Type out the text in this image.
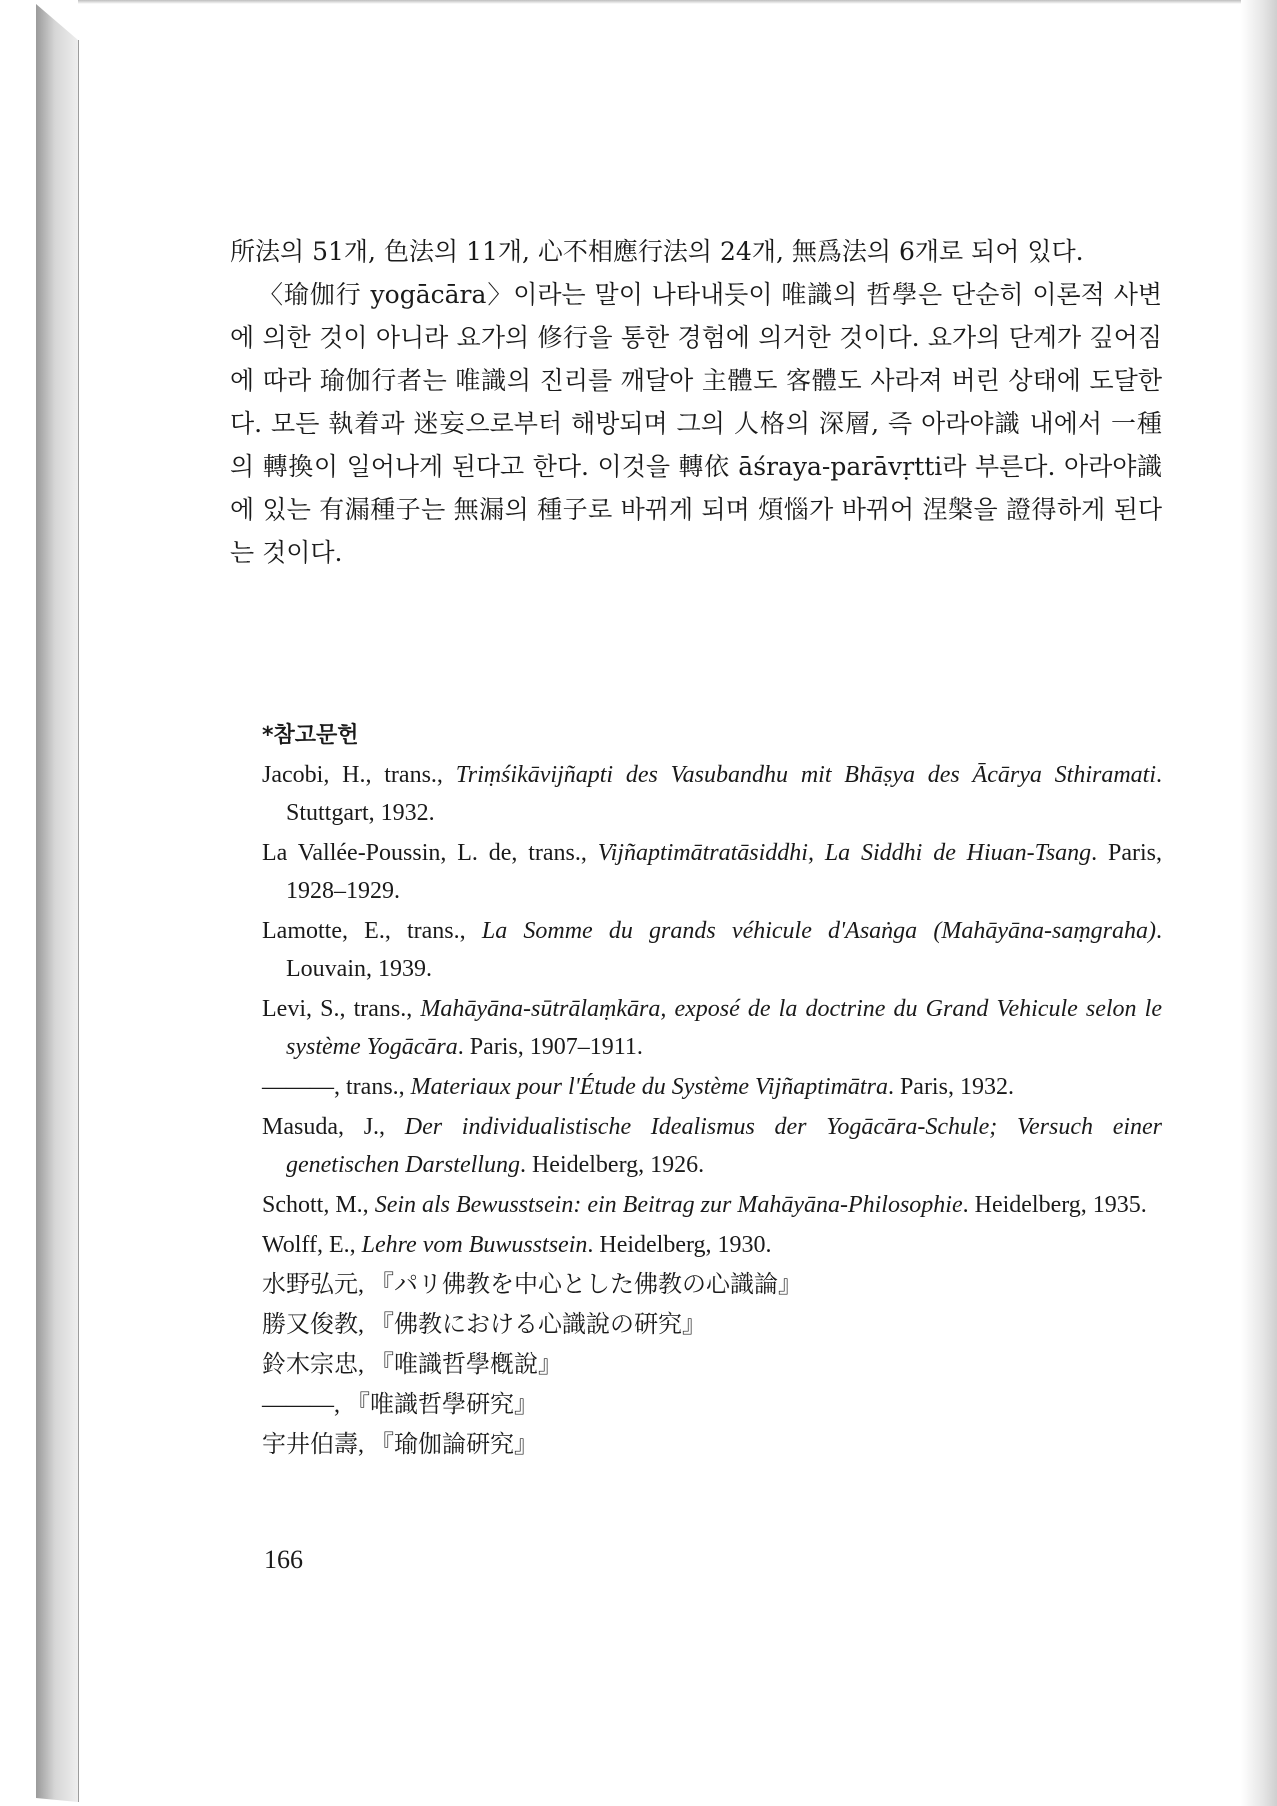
所法의 51개, 色法의 11개, 心不相應行法의 24개, 無爲法의 6개로 되어 있다.

〈瑜伽行 yogācāra〉이라는 말이 나타내듯이 唯識의 哲學은 단순히 이론적 사변에 의한 것이 아니라 요가의 修行을 통한 경험에 의거한 것이다. 요가의 단계가 깊어짐에 따라 瑜伽行者는 唯識의 진리를 깨달아 主體도 客體도 사라져 버린 상태에 도달한다. 모든 執着과 迷妄으로부터 해방되며 그의 人格의 深層, 즉 아라야識 내에서 一種의 轉換이 일어나게 된다고 한다. 이것을 轉依 āśraya-parāvṛtti라 부른다. 아라야識에 있는 有漏種子는 無漏의 種子로 바뀌게 되며 煩惱가 바뀌어 涅槃을 證得하게 된다는 것이다.

*참고문헌
Jacobi, H., trans., Triṃśikāvijñapti des Vasubandhu mit Bhāṣya des Ācārya Sthiramati. Stuttgart, 1932.
La Vallée-Poussin, L. de, trans., Vijñaptimātratāsiddhi, La Siddhi de Hiuan-Tsang. Paris, 1928–1929.
Lamotte, E., trans., La Somme du grands véhicule d'Asaṅga (Mahāyāna-saṃgraha). Louvain, 1939.
Levi, S., trans., Mahāyāna-sūtrālaṃkāra, exposé de la doctrine du Grand Vehicule selon le système Yogācāra. Paris, 1907–1911.
———, trans., Materiaux pour l'Étude du Système Vijñaptimātra. Paris, 1932.
Masuda, J., Der individualistische Idealismus der Yogācāra-Schule; Versuch einer genetischen Darstellung. Heidelberg, 1926.
Schott, M., Sein als Bewusstsein: ein Beitrag zur Mahāyāna-Philosophie. Heidelberg, 1935.
Wolff, E., Lehre vom Buwusstsein. Heidelberg, 1930.
水野弘元, 『パリ佛教を中心とした佛教の心識論』
勝又俊教, 『佛教における心識說の硏究』
鈴木宗忠, 『唯識哲學槪說』
———, 『唯識哲學硏究』
宇井伯壽, 『瑜伽論硏究』
166
